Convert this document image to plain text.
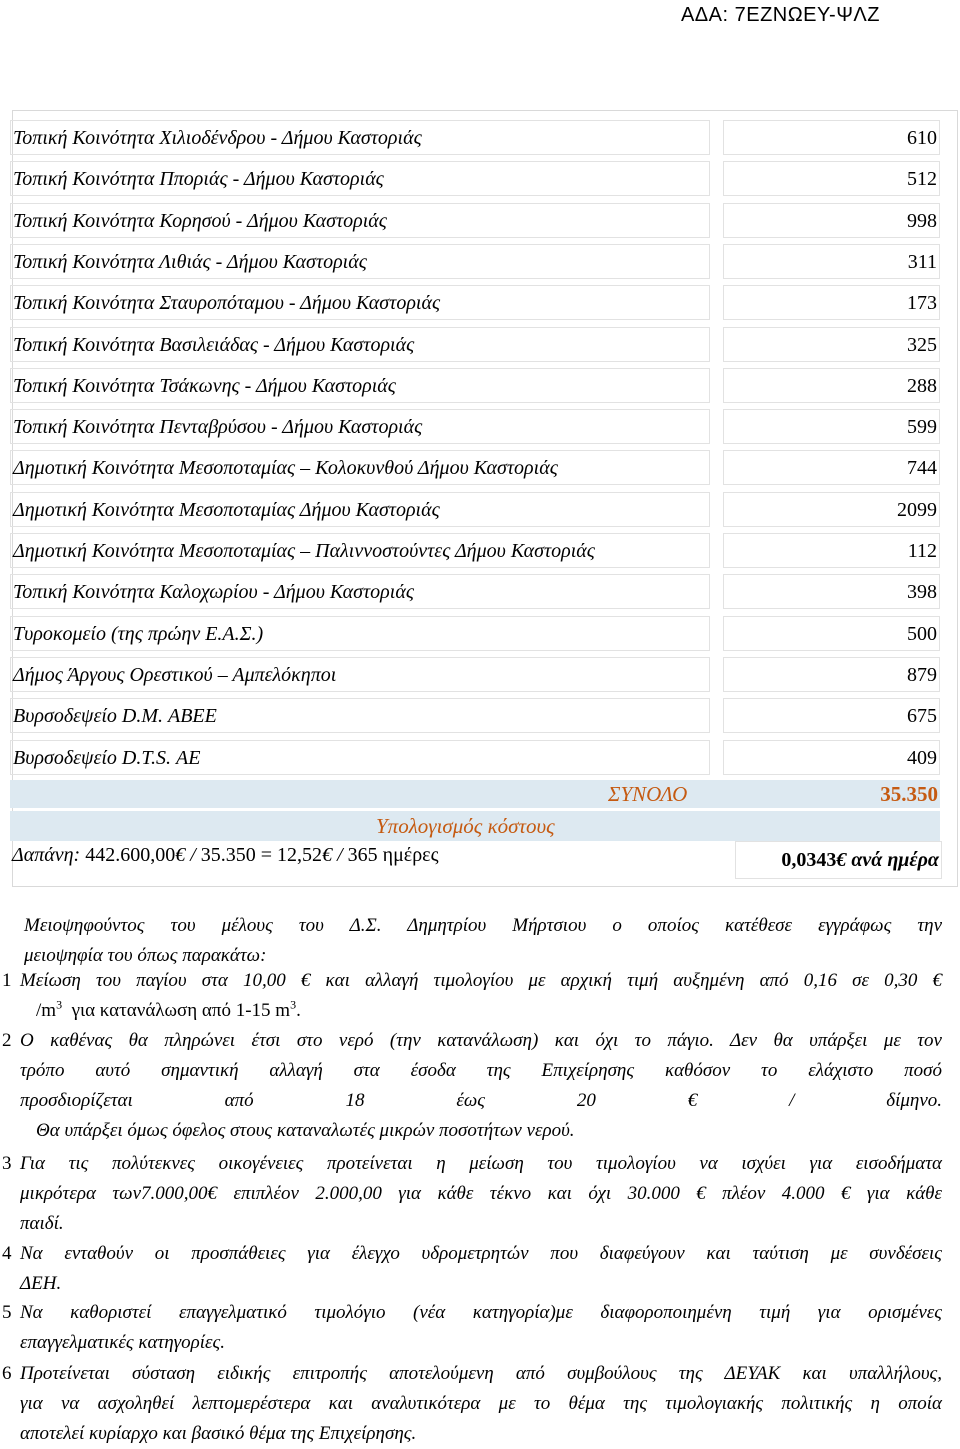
ΑΔΑ: 7ΕΖΝΩΕΥ-ΨΛΖ
Τοπική Κοινότητα Χιλιοδένδρου - Δήμου Καστοριάς	610
Τοπική Κοινότητα Πποριάς - Δήμου Καστοριάς	512
Τοπική Κοινότητα Κορησού - Δήμου Καστοριάς	998
Τοπική Κοινότητα Λιθιάς - Δήμου Καστοριάς	311
Τοπική Κοινότητα Σταυροπόταμου - Δήμου Καστοριάς	173
Τοπική Κοινότητα Βασιλειάδας - Δήμου Καστοριάς	325
Τοπική Κοινότητα Τσάκωνης - Δήμου Καστοριάς	288
Τοπική Κοινότητα Πενταβρύσου - Δήμου Καστοριάς	599
Δημοτική Κοινότητα Μεσοποταμίας – Κολοκυνθού Δήμου Καστοριάς	744
Δημοτική Κοινότητα Μεσοποταμίας Δήμου Καστοριάς	2099
Δημοτική Κοινότητα Μεσοποταμίας – Παλιννοστούντες Δήμου Καστοριάς	112
Τοπική Κοινότητα Καλοχωρίου - Δήμου Καστοριάς	398
Τυροκομείο (της πρώην Ε.Α.Σ.)	500
Δήμος Άργους Ορεστικού – Αμπελόκηποι	879
Βυρσοδεψείο D.M. ΑΒΕΕ	675
Βυρσοδεψείο D.T.S. ΑΕ	409
ΣΥΝΟΛΟ	35.350
Υπολογισμός κόστους
Δαπάνη: 442.600,00€ / 35.350 = 12,52€ / 365 ημέρες	0,0343€ ανά ημέρα
Μειοψηφούντος του μέλους του Δ.Σ. Δημητρίου Μήρτσιου ο οποίος κατέθεσε εγγράφως την
μειοψηφία του όπως παρακάτω:
1 Μείωση του παγίου στα 10,00 € και αλλαγή τιμολογίου με αρχική τιμή αυξημένη από 0,16 σε 0,30 €
$/m^3$  για κατανάλωση από 1-15 $m^3$.
2 Ο καθένας θα πληρώνει έτσι στο νερό (την κατανάλωση) και όχι το πάγιο. Δεν θα υπάρξει με τον
τρόπο αυτό σημαντική αλλαγή στα έσοδα της Επιχείρησης καθόσον το ελάχιστο ποσό
προσδιορίζεται από 18 έως 20 € / δίμηνο.
Θα υπάρξει όμως όφελος στους καταναλωτές μικρών ποσοτήτων νερού.
3 Για τις πολύτεκνες οικογένειες προτείνεται η μείωση του τιμολογίου να ισχύει για εισοδήματα
μικρότερα των7.000,00€ επιπλέον 2.000,00 για κάθε τέκνο και όχι 30.000 € πλέον 4.000 € για κάθε
παιδί.
4 Να ενταθούν οι προσπάθειες για έλεγχο υδρομετρητών που διαφεύγουν και ταύτιση με συνδέσεις
ΔΕΗ.
5 Να καθοριστεί επαγγελματικό τιμολόγιο (νέα κατηγορία)με διαφοροποιημένη τιμή για ορισμένες
επαγγελματικές κατηγορίες.
6 Προτείνεται σύσταση ειδικής επιτροπής αποτελούμενη από συμβούλους της ΔΕΥΑΚ και υπαλλήλους,
για να ασχοληθεί λεπτομερέστερα και αναλυτικότερα με το θέμα της τιμολογιακής πολιτικής η οποία
αποτελεί κυρίαρχο και βασικό θέμα της Επιχείρησης.
